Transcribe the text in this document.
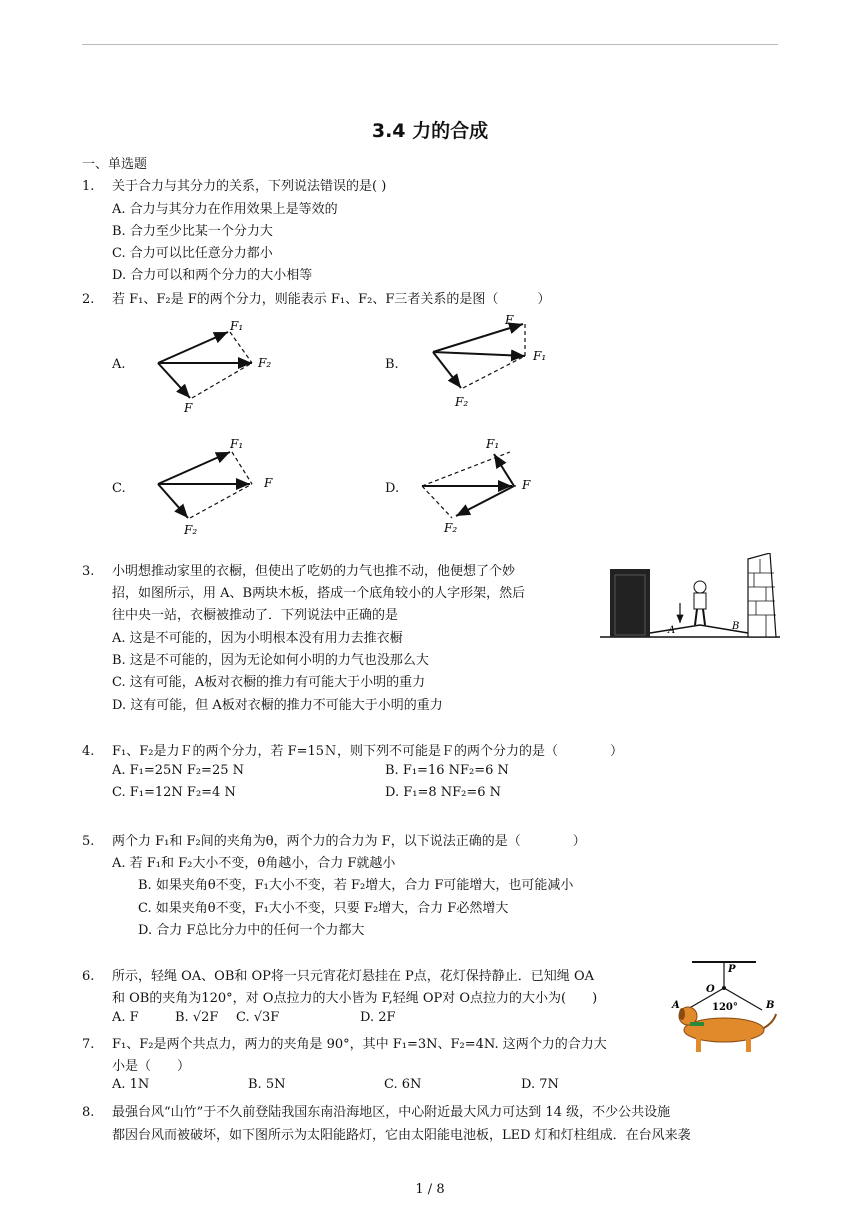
3.4 力的合成
一、单选题
1. 关于合力与其分力的关系，下列说法错误的是( )
A. 合力与其分力在作用效果上是等效的
B. 合力至少比某一个分力大
C. 合力可以比任意分力都小
D. 合力可以和两个分力的大小相等
2. 若 F₁、F₂是 F的两个分力，则能表示 F₁、F₂、F三者关系的是图（　　　）
A.
F₁
F₂
F
B.
F
F₁
F₂
C.
F₁
F
F₂
D.
F₁
F
F₂
3. 小明想推动家里的衣橱，但使出了吃奶的力气也推不动，他便想了个妙
招，如图所示，用 A、B两块木板，搭成一个底角较小的人字形架，然后
往中央一站，衣橱被推动了．下列说法中正确的是
A. 这是不可能的，因为小明根本没有用力去推衣橱
B. 这是不可能的，因为无论如何小明的力气也没那么大
C. 这有可能，A板对衣橱的推力有可能大于小明的重力
D. 这有可能，但 A板对衣橱的推力不可能大于小明的重力
A	B
4. F₁、F₂是力Ｆ的两个分力，若 F=15Ｎ，则下列不可能是Ｆ的两个分力的是（　　　　）
A. F₁=25N F₂=25 N	B. F₁=16 NF₂=6 N
C. F₁=12N F₂=4 N	D. F₁=8 NF₂=6 N
5. 两个力 F₁和 F₂间的夹角为θ，两个力的合力为 F，以下说法正确的是（　　　　）
A. 若 F₁和 F₂大小不变，θ角越小，合力 F就越小
B. 如果夹角θ不变，F₁大小不变，若 F₂增大，合力 F可能增大，也可能减小
C. 如果夹角θ不变，F₁大小不变，只要 F₂增大，合力 F必然增大
D. 合力 F总比分力中的任何一个力都大
6. 所示，轻绳 OA、OB和 OP将一只元宵花灯悬挂在 P点，花灯保持静止．已知绳 OA
和 OB的夹角为120°，对 O点拉力的大小皆为 F,轻绳 OP对 O点拉力的大小为(　　)
A. F	B. √2F C. √3F	D. 2F
P
O
A	B
120°
7. F₁、F₂是两个共点力，两力的夹角是 90°，其中 F₁=3N、F₂=4N. 这两个力的合力大
小是（　　）
A. 1N	B. 5N	C. 6N	D. 7N
8. 最强台风“山竹”于不久前登陆我国东南沿海地区，中心附近最大风力可达到 14 级，不少公共设施
都因台风而被破坏，如下图所示为太阳能路灯，它由太阳能电池板，LED 灯和灯柱组成．在台风来袭
1 / 8
